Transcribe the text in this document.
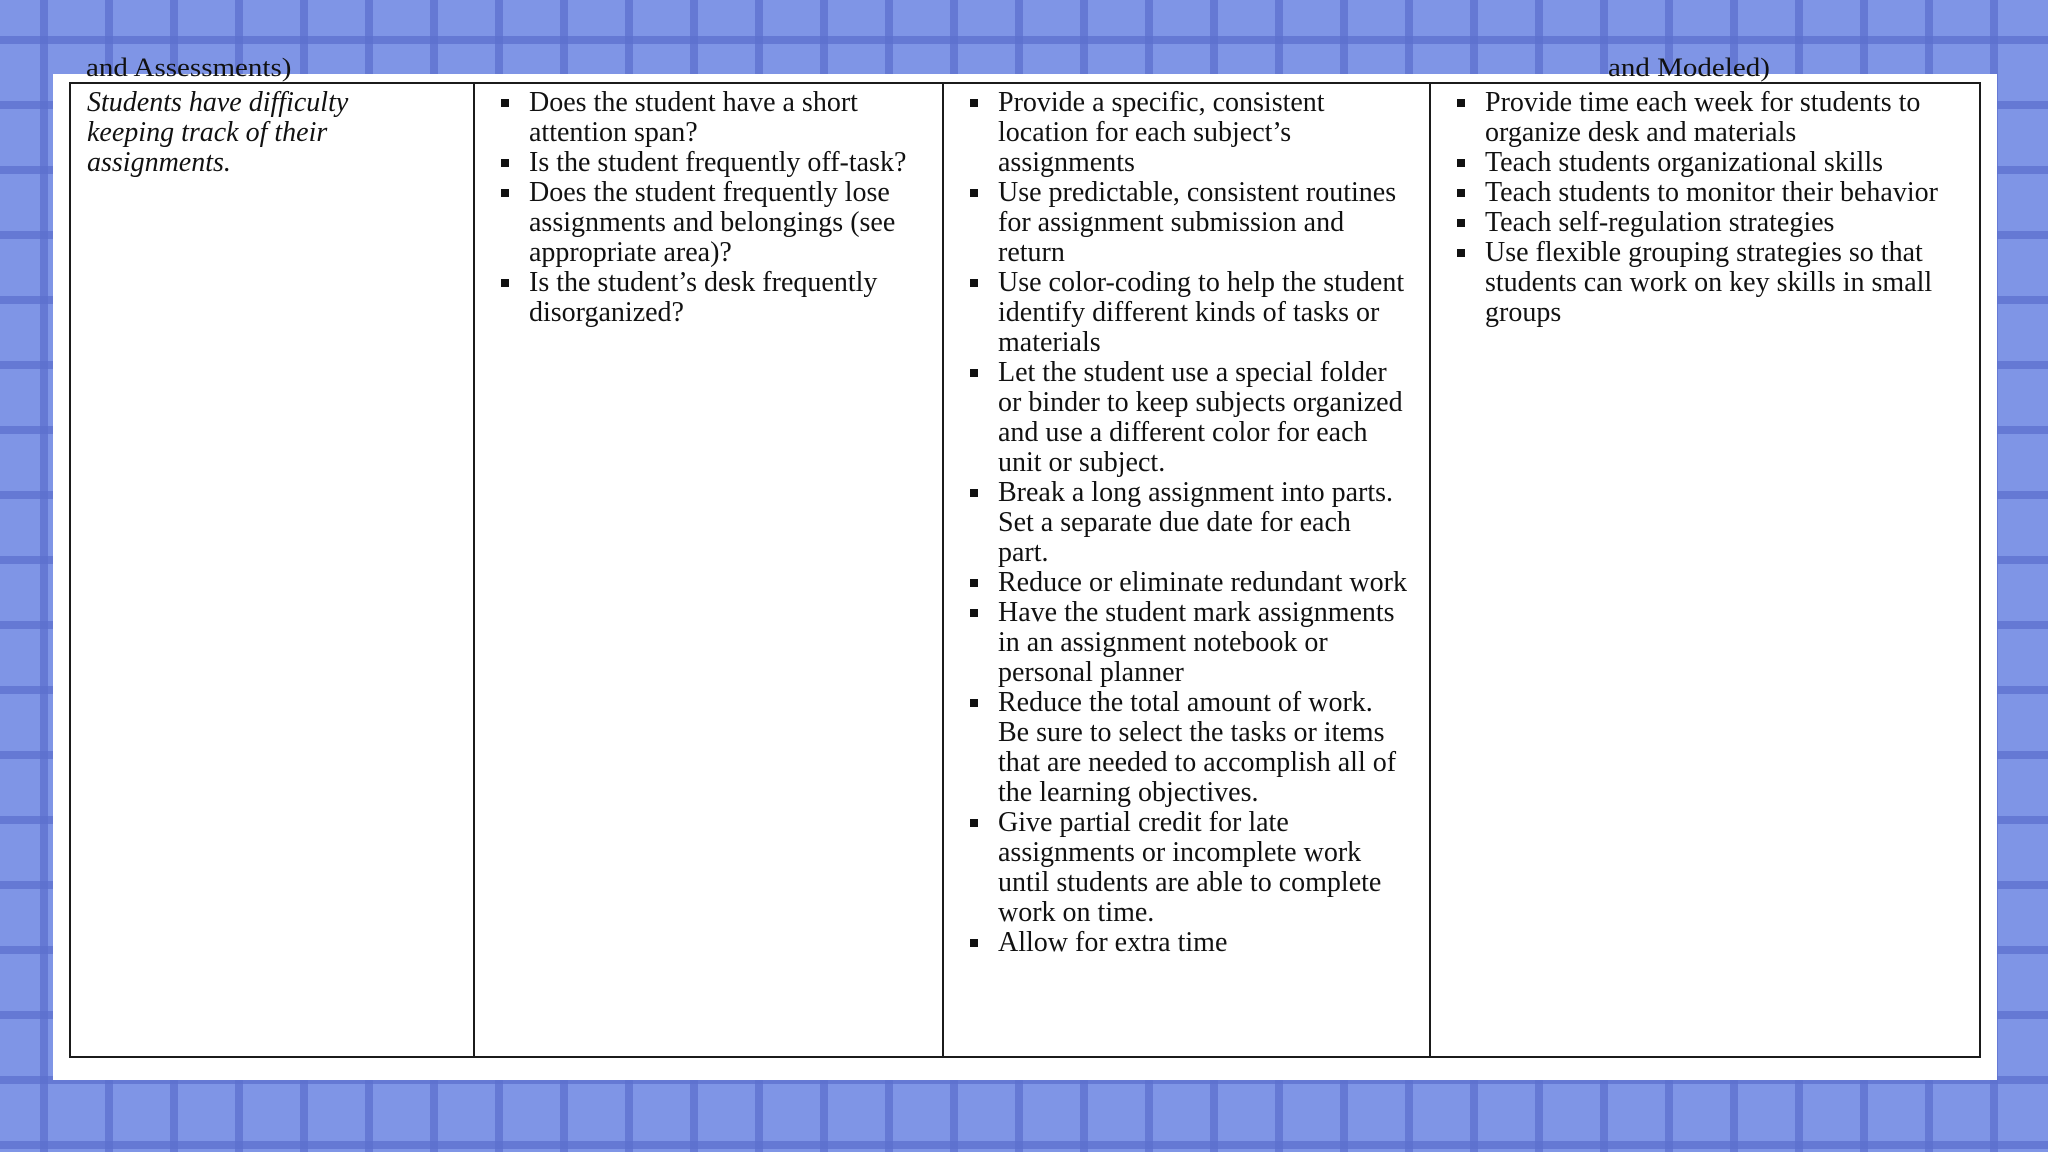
and Assessments)	and Modeled)

Students have difficulty keeping track of their assignments.

Does the student have a short attention span?
Is the student frequently off-task?
Does the student frequently lose assignments and belongings (see appropriate area)?
Is the student’s desk frequently disorganized?
Provide a specific, consistent location for each subject’s assignments
Use predictable, consistent routines for assignment submission and return
Use color-coding to help the student identify different kinds of tasks or materials
Let the student use a special folder or binder to keep subjects organized and use a different color for each unit or subject.
Break a long assignment into parts. Set a separate due date for each part.
Reduce or eliminate redundant work
Have the student mark assignments in an assignment notebook or personal planner
Reduce the total amount of work. Be sure to select the tasks or items that are needed to accomplish all of the learning objectives.
Give partial credit for late assignments or incomplete work until students are able to complete work on time.
Allow for extra time
Provide time each week for students to organize desk and materials
Teach students organizational skills
Teach students to monitor their behavior
Teach self-regulation strategies
Use flexible grouping strategies so that students can work on key skills in small groups
